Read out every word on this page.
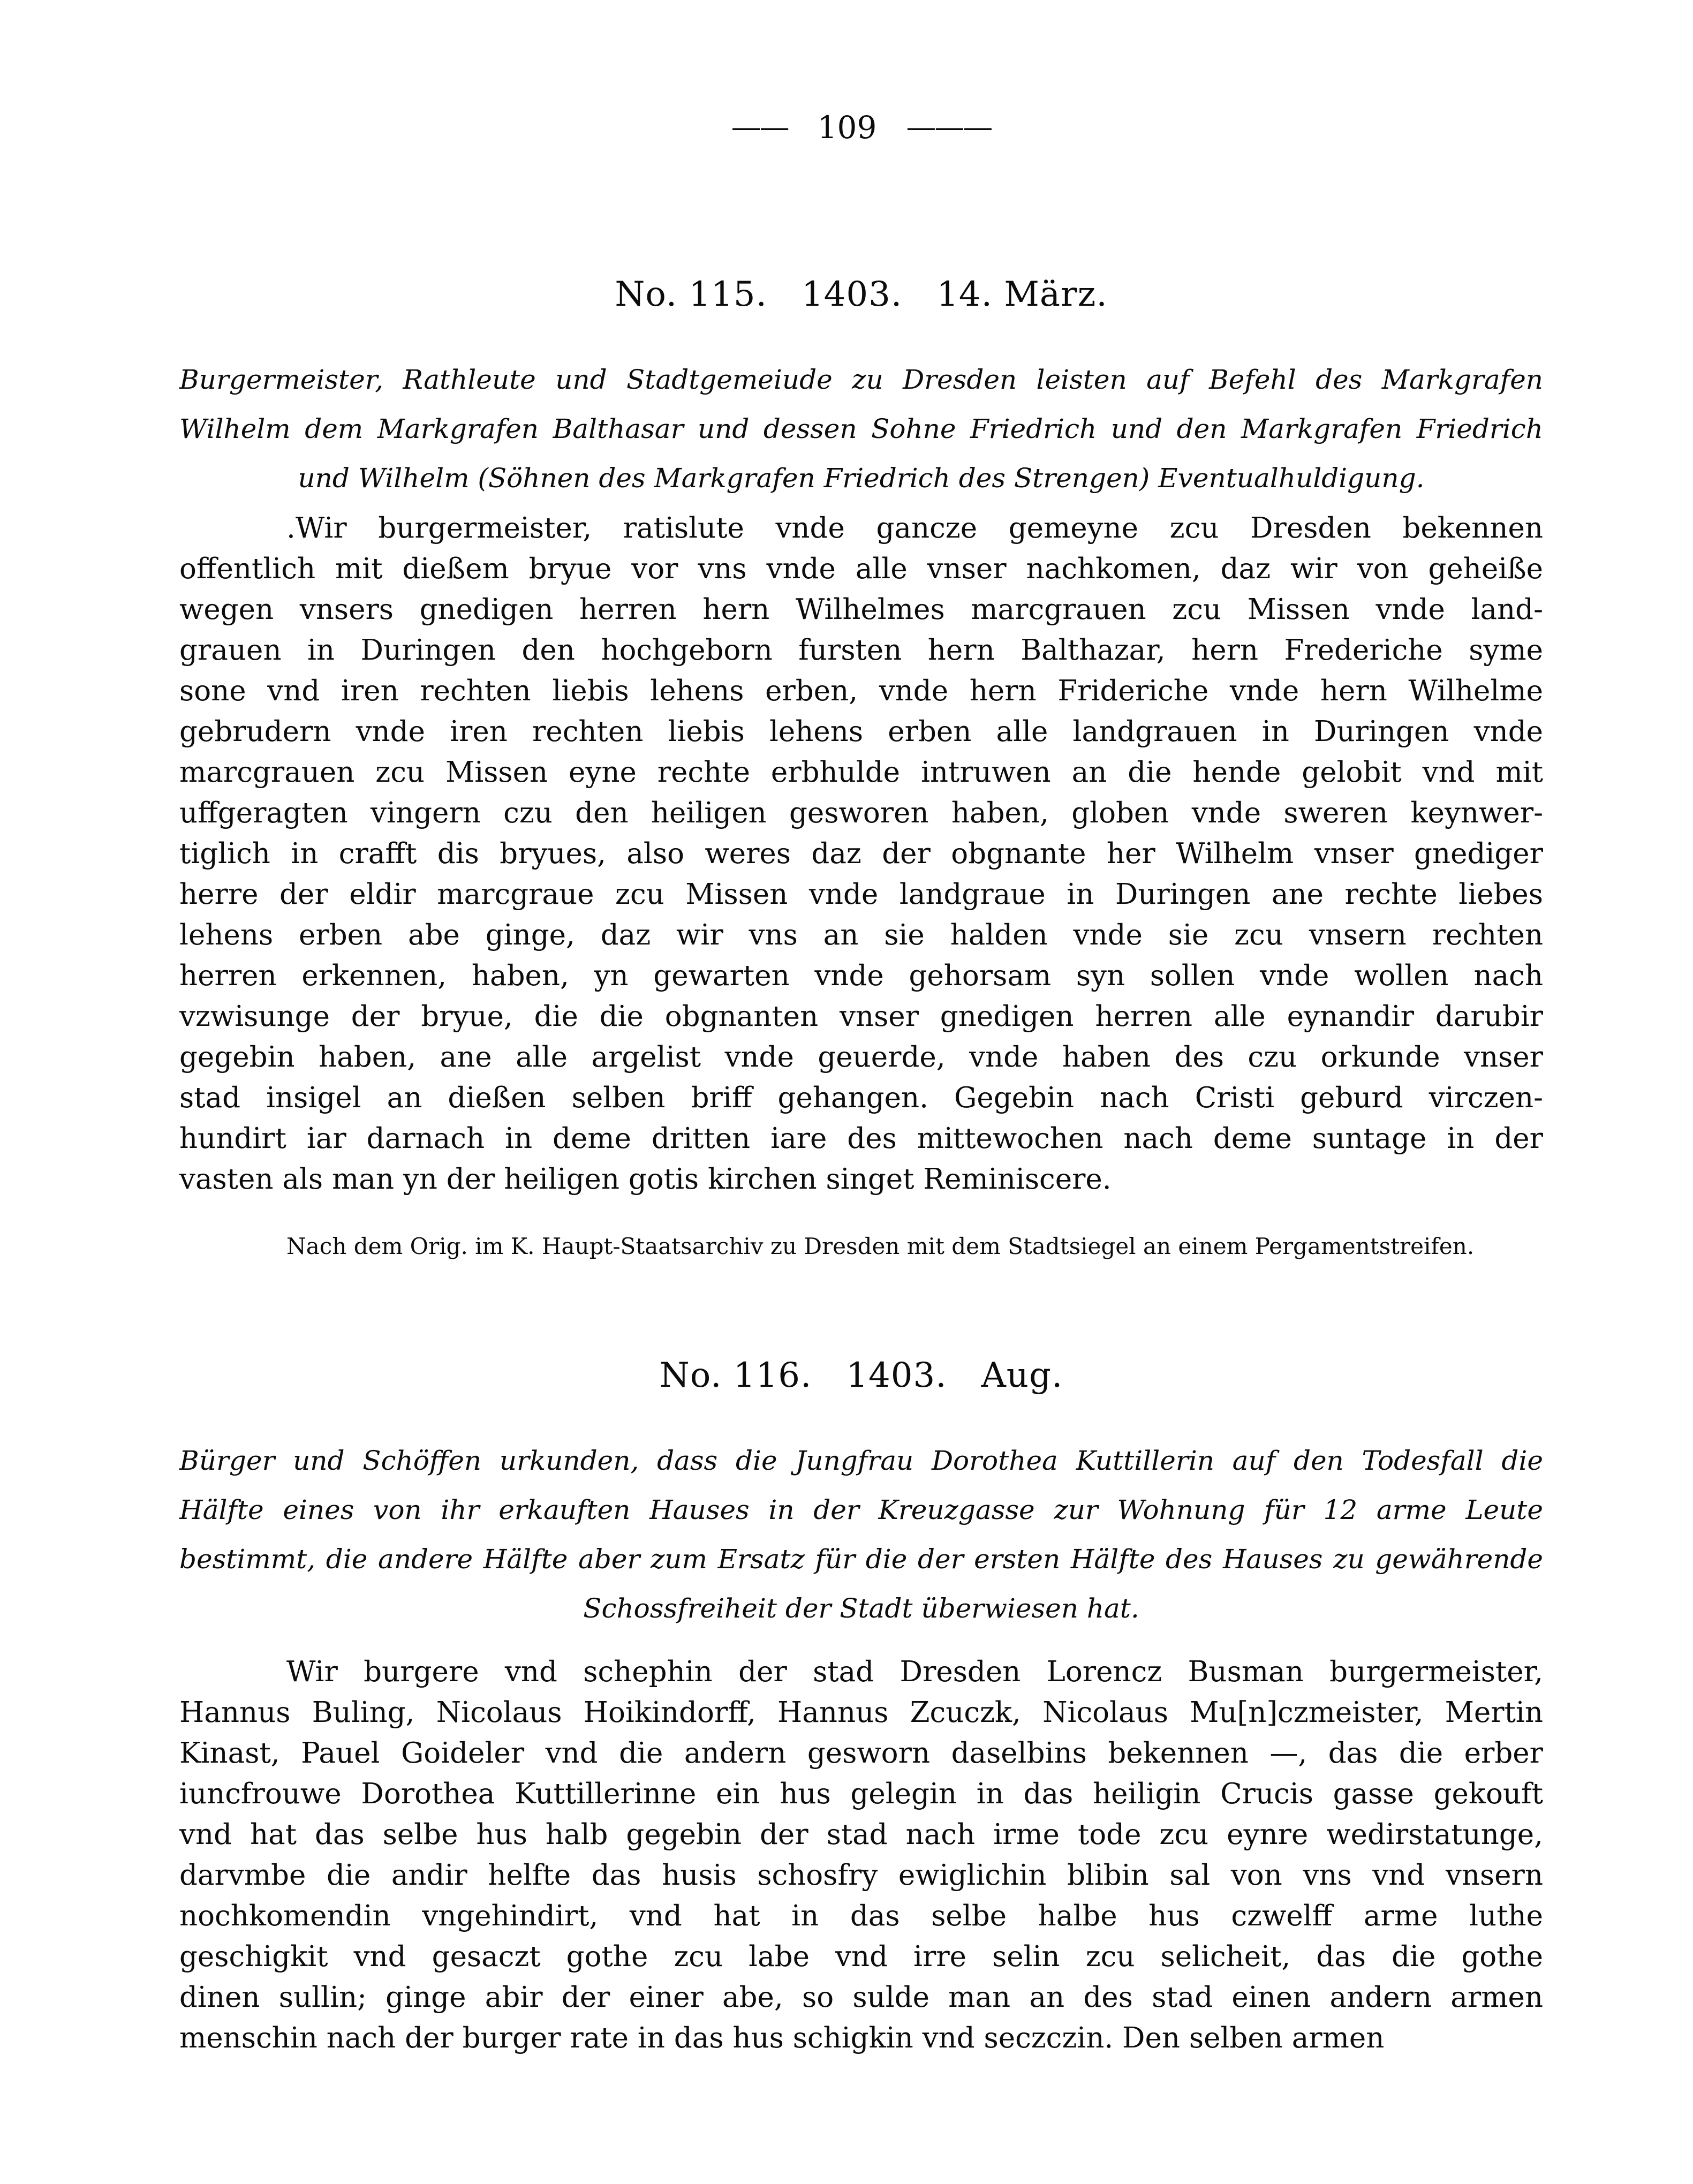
—— 109 ———
No. 115.   1403.   14. März.
Burgermeister, Rathleute und Stadtgemeiude zu Dresden leisten auf Befehl des Markgrafen
Wilhelm dem Markgrafen Balthasar und dessen Sohne Friedrich und den Markgrafen Friedrich
und Wilhelm (Söhnen des Markgrafen Friedrich des Strengen) Eventualhuldigung.
.Wir burgermeister, ratislute vnde gancze gemeyne zcu Dresden bekennen
offentlich mit dießem bryue vor vns vnde alle vnser nachkomen, daz wir von geheiße
wegen vnsers gnedigen herren hern Wilhelmes marcgrauen zcu Missen vnde land-
grauen in Duringen den hochgeborn fursten hern Balthazar, hern Frederiche syme
sone vnd iren rechten liebis lehens erben, vnde hern Frideriche vnde hern Wilhelme
gebrudern vnde iren rechten liebis lehens erben alle landgrauen in Duringen vnde
marcgrauen zcu Missen eyne rechte erbhulde intruwen an die hende gelobit vnd mit
uffgeragten vingern czu den heiligen gesworen haben, globen vnde sweren keynwer-
tiglich in crafft dis bryues, also weres daz der obgnante her Wilhelm vnser gnediger
herre der eldir marcgraue zcu Missen vnde landgraue in Duringen ane rechte liebes
lehens erben abe ginge, daz wir vns an sie halden vnde sie zcu vnsern rechten
herren erkennen, haben, yn gewarten vnde gehorsam syn sollen vnde wollen nach
vzwisunge der bryue, die die obgnanten vnser gnedigen herren alle eynandir darubir
gegebin haben, ane alle argelist vnde geuerde, vnde haben des czu orkunde vnser
stad insigel an dießen selben briff gehangen. Gegebin nach Cristi geburd virczen-
hundirt iar darnach in deme dritten iare des mittewochen nach deme suntage in der
vasten als man yn der heiligen gotis kirchen singet Reminiscere.
Nach dem Orig. im K. Haupt-Staatsarchiv zu Dresden mit dem Stadtsiegel an einem Pergamentstreifen.
No. 116.   1403.   Aug.
Bürger und Schöffen urkunden, dass die Jungfrau Dorothea Kuttillerin auf den Todesfall die
Hälfte eines von ihr erkauften Hauses in der Kreuzgasse zur Wohnung für 12 arme Leute
bestimmt, die andere Hälfte aber zum Ersatz für die der ersten Hälfte des Hauses zu gewährende
Schossfreiheit der Stadt überwiesen hat.
Wir burgere vnd schephin der stad Dresden Lorencz Busman burgermeister,
Hannus Buling, Nicolaus Hoikindorff, Hannus Zcuczk, Nicolaus Mu[n]czmeister, Mertin
Kinast, Pauel Goideler vnd die andern gesworn daselbins bekennen —, das die erber
iuncfrouwe Dorothea Kuttillerinne ein hus gelegin in das heiligin Crucis gasse gekouft
vnd hat das selbe hus halb gegebin der stad nach irme tode zcu eynre wedirstatunge,
darvmbe die andir helfte das husis schosfry ewiglichin blibin sal von vns vnd vnsern
nochkomendin vngehindirt, vnd hat in das selbe halbe hus czwelff arme luthe
geschigkit vnd gesaczt gothe zcu labe vnd irre selin zcu selicheit, das die gothe
dinen sullin; ginge abir der einer abe, so sulde man an des stad einen andern armen
menschin nach der burger rate in das hus schigkin vnd seczczin. Den selben armen
